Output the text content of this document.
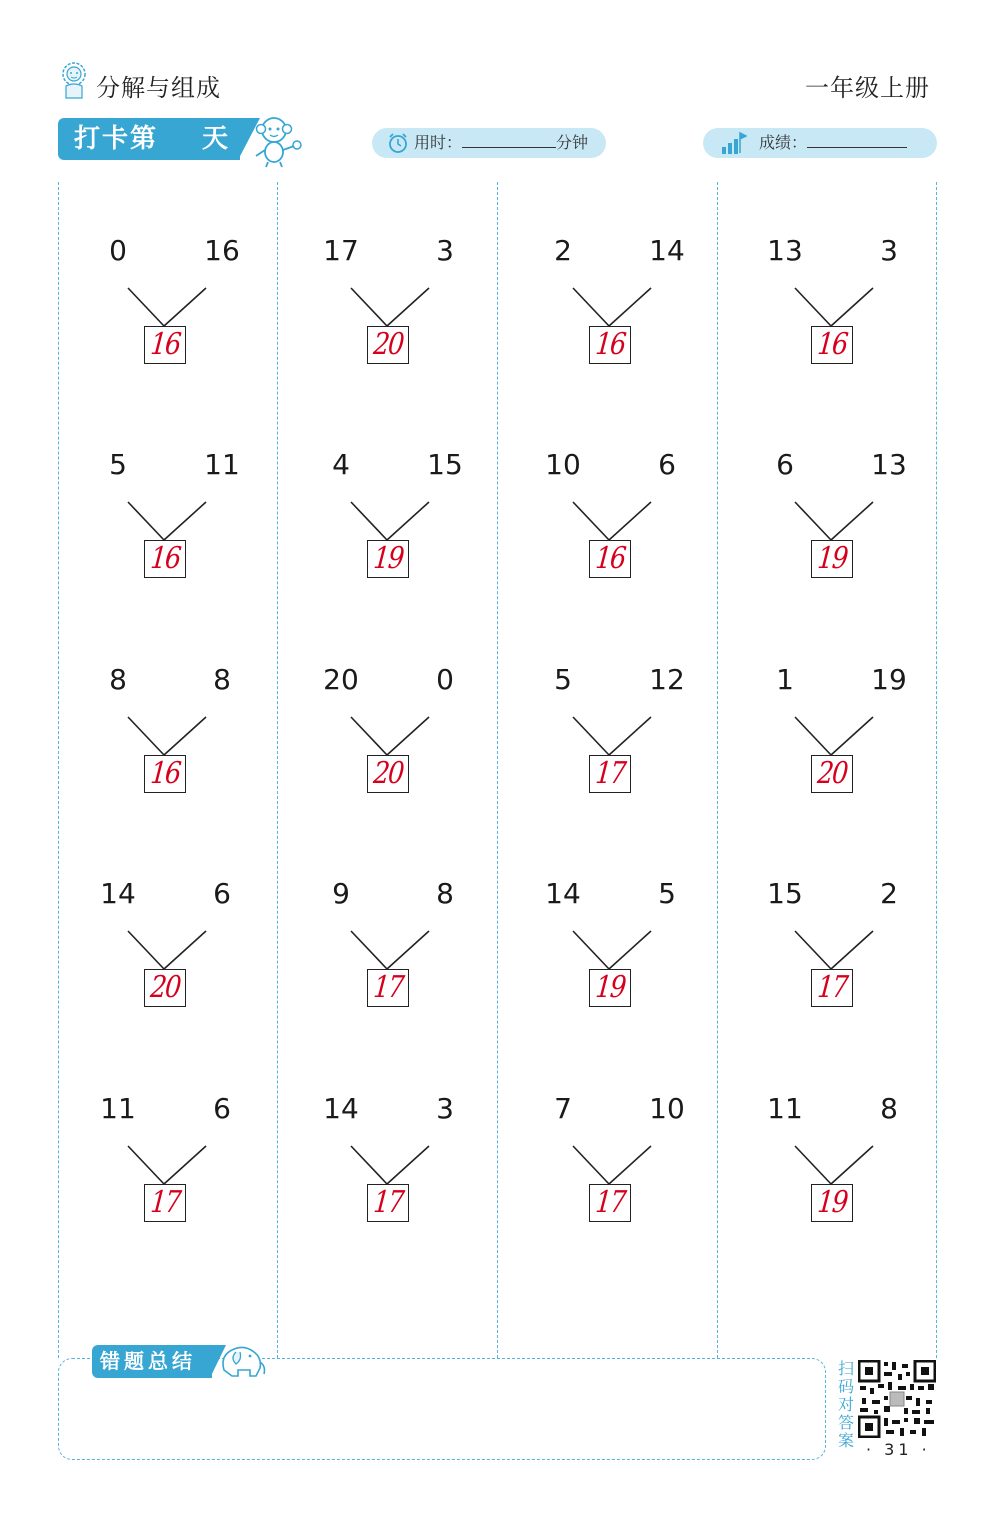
分解与组成	一年级上册
打卡第 天	用时：	分钟	成绩：
0	16
16
17	3
20
2	14
16
13	3
16
5	11
16
4	15
19
10	6
16
6	13
19
8	8
16
20	0
20
5	12
17
1	19
20
14	6
20
9	8
17
14	5
19
15	2
17
11	6
17
14	3
17
7	10
17
11	8
19
错题总结	扫码对答案 · 31 ·
